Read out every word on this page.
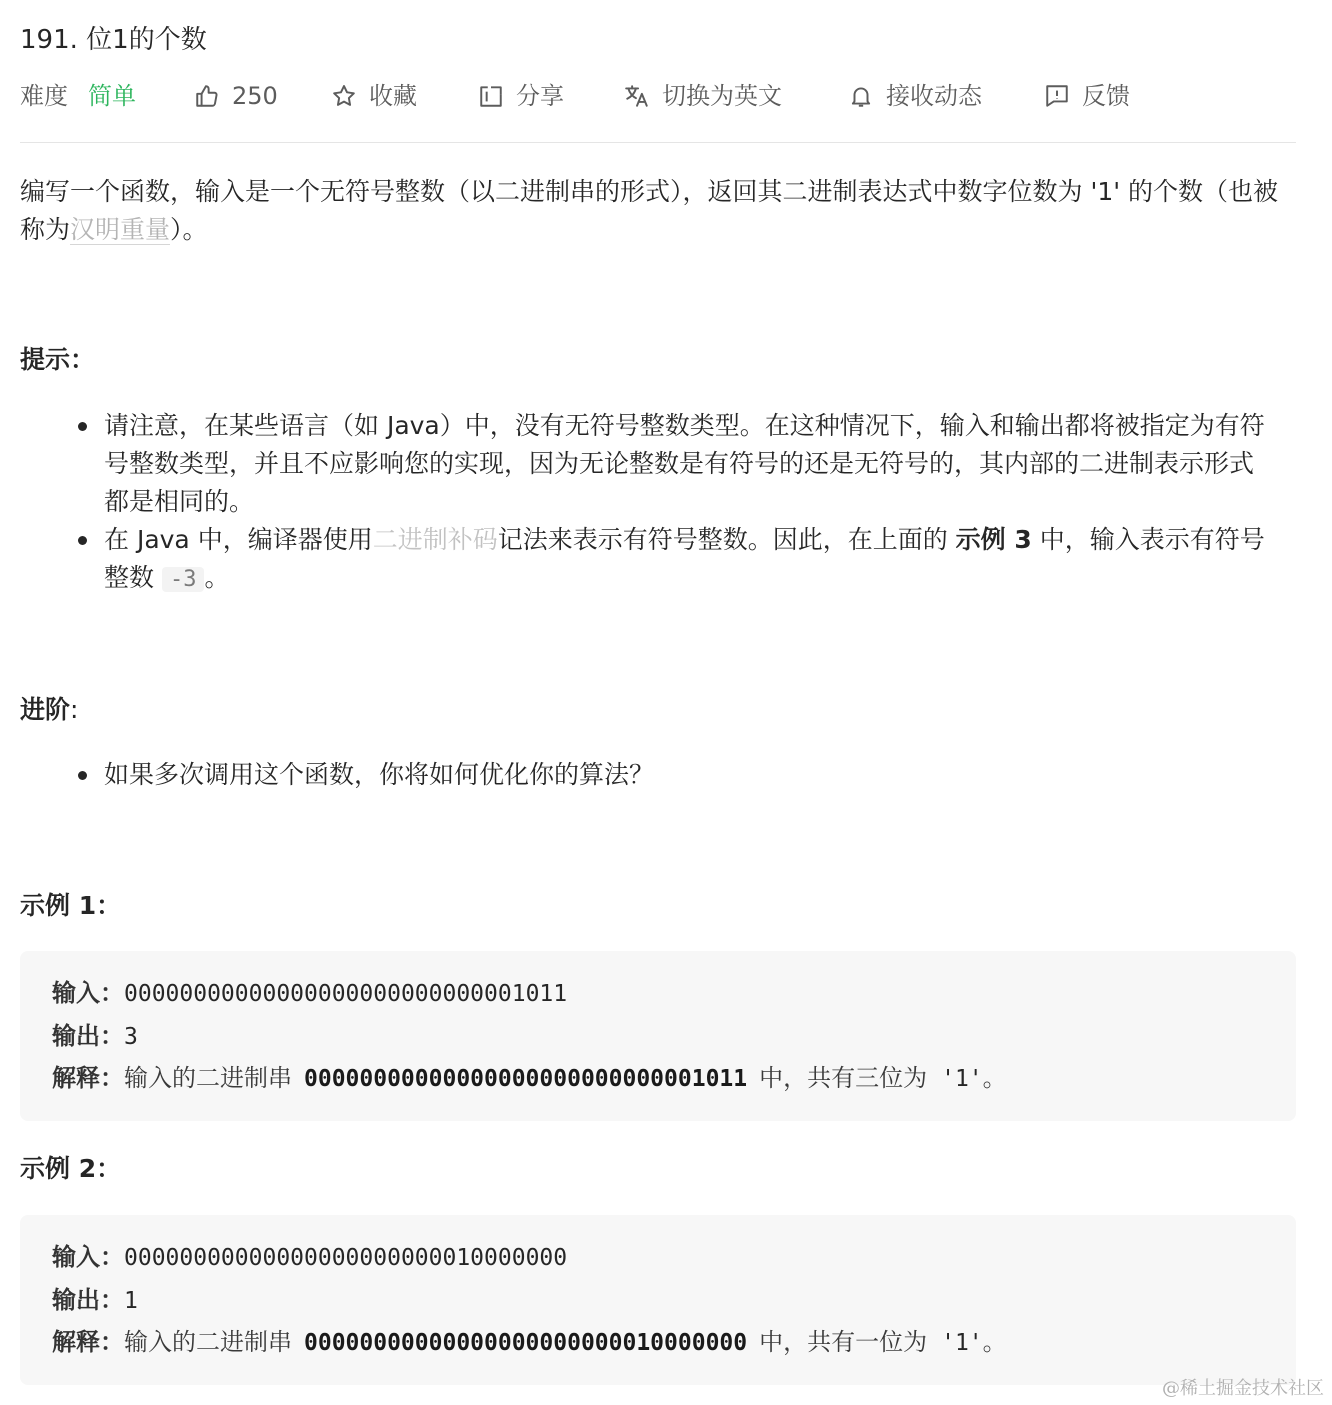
191. 位1的个数
难度 简单	250	收藏	分享	切换为英文	接收动态	反馈
编写一个函数，输入是一个无符号整数（以二进制串的形式），返回其二进制表达式中数字位数为 '1' 的个数（也被称为汉明重量）。
提示：
请注意，在某些语言（如 Java）中，没有无符号整数类型。在这种情况下，输入和输出都将被指定为有符号整数类型，并且不应影响您的实现，因为无论整数是有符号的还是无符号的，其内部的二进制表示形式都是相同的。
在 Java 中，编译器使用二进制补码记法来表示有符号整数。因此，在上面的 示例 3 中，输入表示有符号整数 -3 。
进阶:
如果多次调用这个函数，你将如何优化你的算法？
示例 1：
输入：00000000000000000000000000001011
输出：3
解释：输入的二进制串 00000000000000000000000000001011 中，共有三位为 '1'。
示例 2：
输入：00000000000000000000000010000000
输出：1
解释：输入的二进制串 00000000000000000000000010000000 中，共有一位为 '1'。
@稀土掘金技术社区
